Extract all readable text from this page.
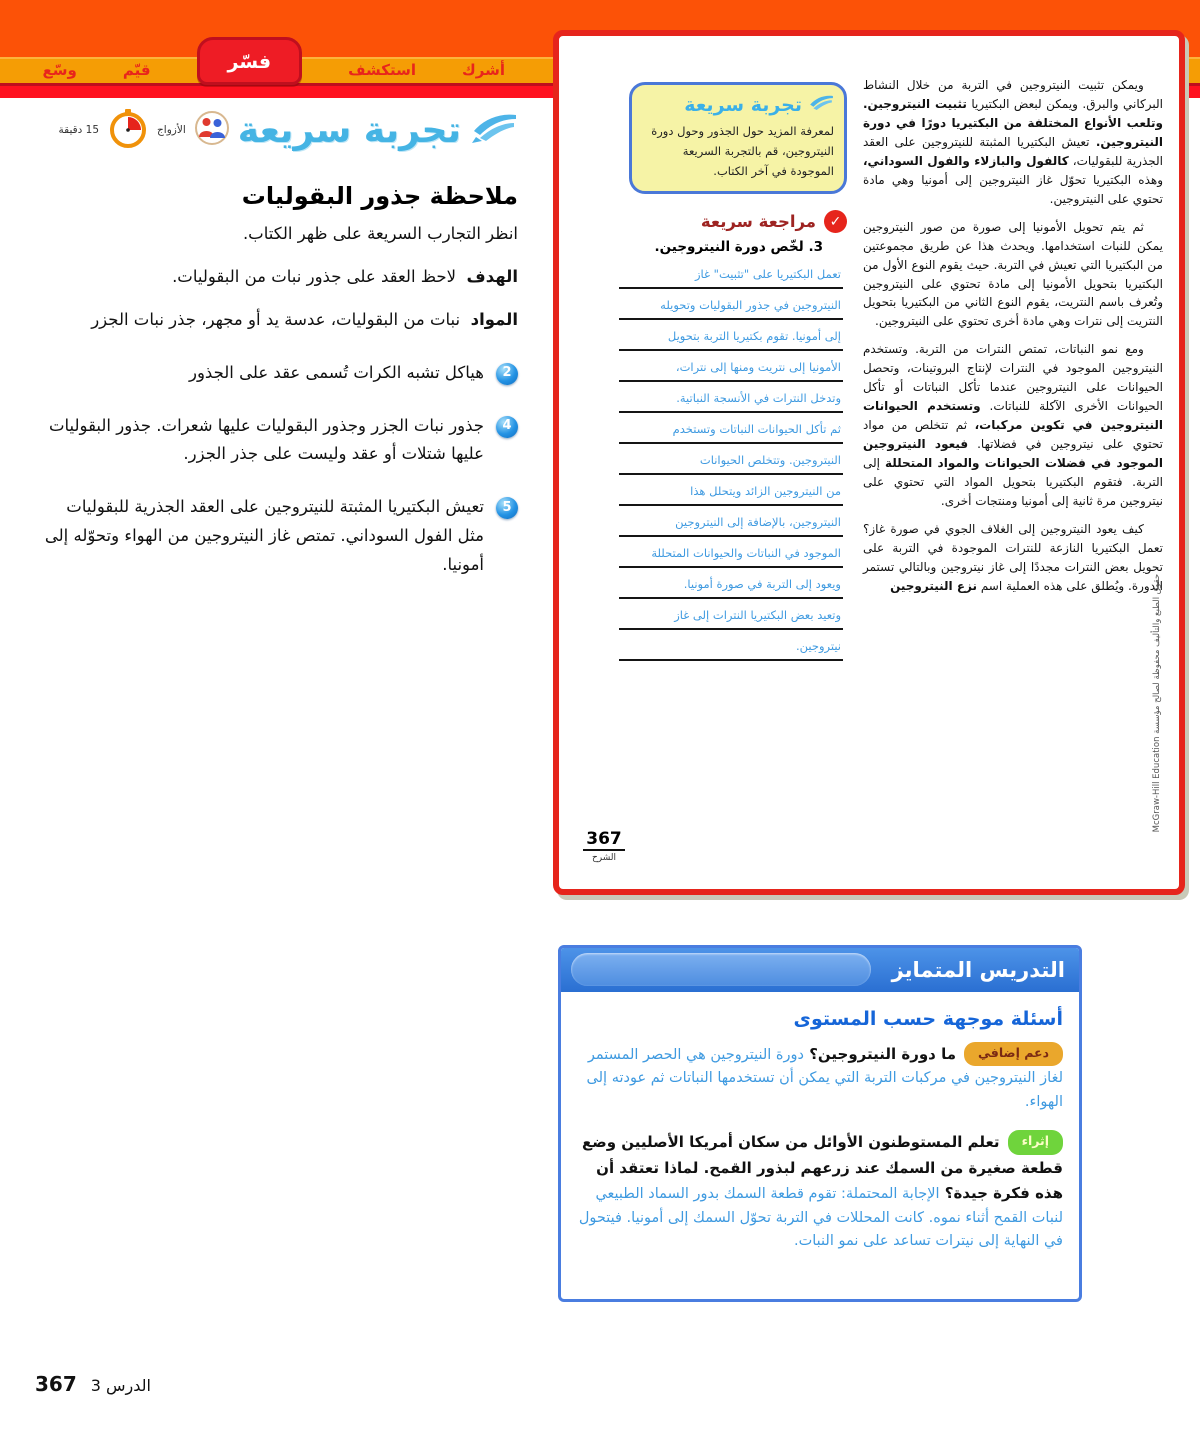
أشرك
استكشف
فسّر
قيّم
وسّع
تجربة سريعة
الأزواج
15 دقيقة
ملاحظة جذور البقوليات

انظر التجارب السريعة على ظهر الكتاب.

الهدف  لاحظ العقد على جذور نبات من البقوليات.

المواد  نبات من البقوليات، عدسة يد أو مجهر، جذر نبات الجزر

2
هياكل تشبه الكرات تُسمى عقد على الجذور
4
جذور نبات الجزر وجذور البقوليات عليها شعرات. جذور البقوليات عليها شتلات أو عقد وليست على جذر الجزر.
5
تعيش البكتيريا المثبتة للنيتروجين على العقد الجذرية للبقوليات مثل الفول السوداني. تمتص غاز النيتروجين من الهواء وتحوّله إلى أمونيا.

ويمكن تثبيت النيتروجين في التربة من خلال النشاط البركاني والبرق. ويمكن لبعض البكتيريا تثبيت النيتروجين. وتلعب الأنواع المختلفة من البكتيريا دورًا في دورة النيتروجين. تعيش البكتيريا المثبتة للنيتروجين على العقد الجذرية للبقوليات، كالفول والبازلاء والفول السوداني، وهذه البكتيريا تحوّل غاز النيتروجين إلى أمونيا وهي مادة تحتوي على النيتروجين.

ثم يتم تحويل الأمونيا إلى صورة من صور النيتروجين يمكن للنبات استخدامها. ويحدث هذا عن طريق مجموعتين من البكتيريا التي تعيش في التربة. حيث يقوم النوع الأول من البكتيريا بتحويل الأمونيا إلى مادة تحتوي على النيتروجين وتُعرف باسم النتريت، يقوم النوع الثاني من البكتيريا بتحويل النتريت إلى نترات وهي مادة أخرى تحتوي على النيتروجين.

ومع نمو النباتات، تمتص النترات من التربة. وتستخدم النيتروجين الموجود في النترات لإنتاج البروتينات، وتحصل الحيوانات على النيتروجين عندما تأكل النباتات أو تأكل الحيوانات الأخرى الآكلة للنباتات. وتستخدم الحيوانات النيتروجين في تكوين مركبات، ثم تتخلص من مواد تحتوي على نيتروجين في فضلاتها. فيعود النيتروجين الموجود في فضلات الحيوانات والمواد المتحللة إلى التربة. فتقوم البكتيريا بتحويل المواد التي تحتوي على نيتروجين مرة ثانية إلى أمونيا ومنتجات أخرى.

كيف يعود النيتروجين إلى الغلاف الجوي في صورة غاز؟ تعمل البكتيريا النازعة للنترات الموجودة في التربة على تحويل بعض النترات مجددًا إلى غاز نيتروجين وبالتالي تستمر الدورة. ويُطلق على هذه العملية اسم نزع النيتروجين

تجربة سريعة
لمعرفة المزيد حول الجذور وحول دورة النيتروجين، قم بالتجربة السريعة الموجودة في آخر الكتاب.
✓
مراجعة سريعة
3. لخّص دورة النيتروجين.
تعمل البكتيريا على "تثبيت" غاز
النيتروجين في جذور البقوليات وتحويله
إلى أمونيا. تقوم بكتيريا التربة بتحويل
الأمونيا إلى نتريت ومنها إلى نترات،
وتدخل النترات في الأنسجة النباتية.
ثم تأكل الحيوانات النباتات وتستخدم
النيتروجين. وتتخلص الحيوانات
من النيتروجين الزائد ويتحلل هذا
النيتروجين، بالإضافة إلى النيتروجين
الموجود في النباتات والحيوانات المتحللة
ويعود إلى التربة في صورة أمونيا.
وتعيد بعض البكتيريا النترات إلى غاز
نيتروجين.
367
الشرح
حقوق الطبع والتأليف محفوظة لصالح مؤسسة McGraw-Hill Education
التدريس المتمايز
أسئلة موجهة حسب المستوى

دعم إضافيما دورة النيتروجين؟ دورة النيتروجين هي الحصر المستمر لغاز النيتروجين في مركبات التربة التي يمكن أن تستخدمها النباتات ثم عودته إلى الهواء.

إثراءتعلم المستوطنون الأوائل من سكان أمريكا الأصليين وضع قطعة صغيرة من السمك عند زرعهم لبذور القمح. لماذا تعتقد أن هذه فكرة جيدة؟ الإجابة المحتملة: تقوم قطعة السمك بدور السماد الطبيعي لنبات القمح أثناء نموه. كانت المحللات في التربة تحوّل السمك إلى أمونيا. فيتحول في النهاية إلى نيترات تساعد على نمو النبات.

الدرس 3
367
